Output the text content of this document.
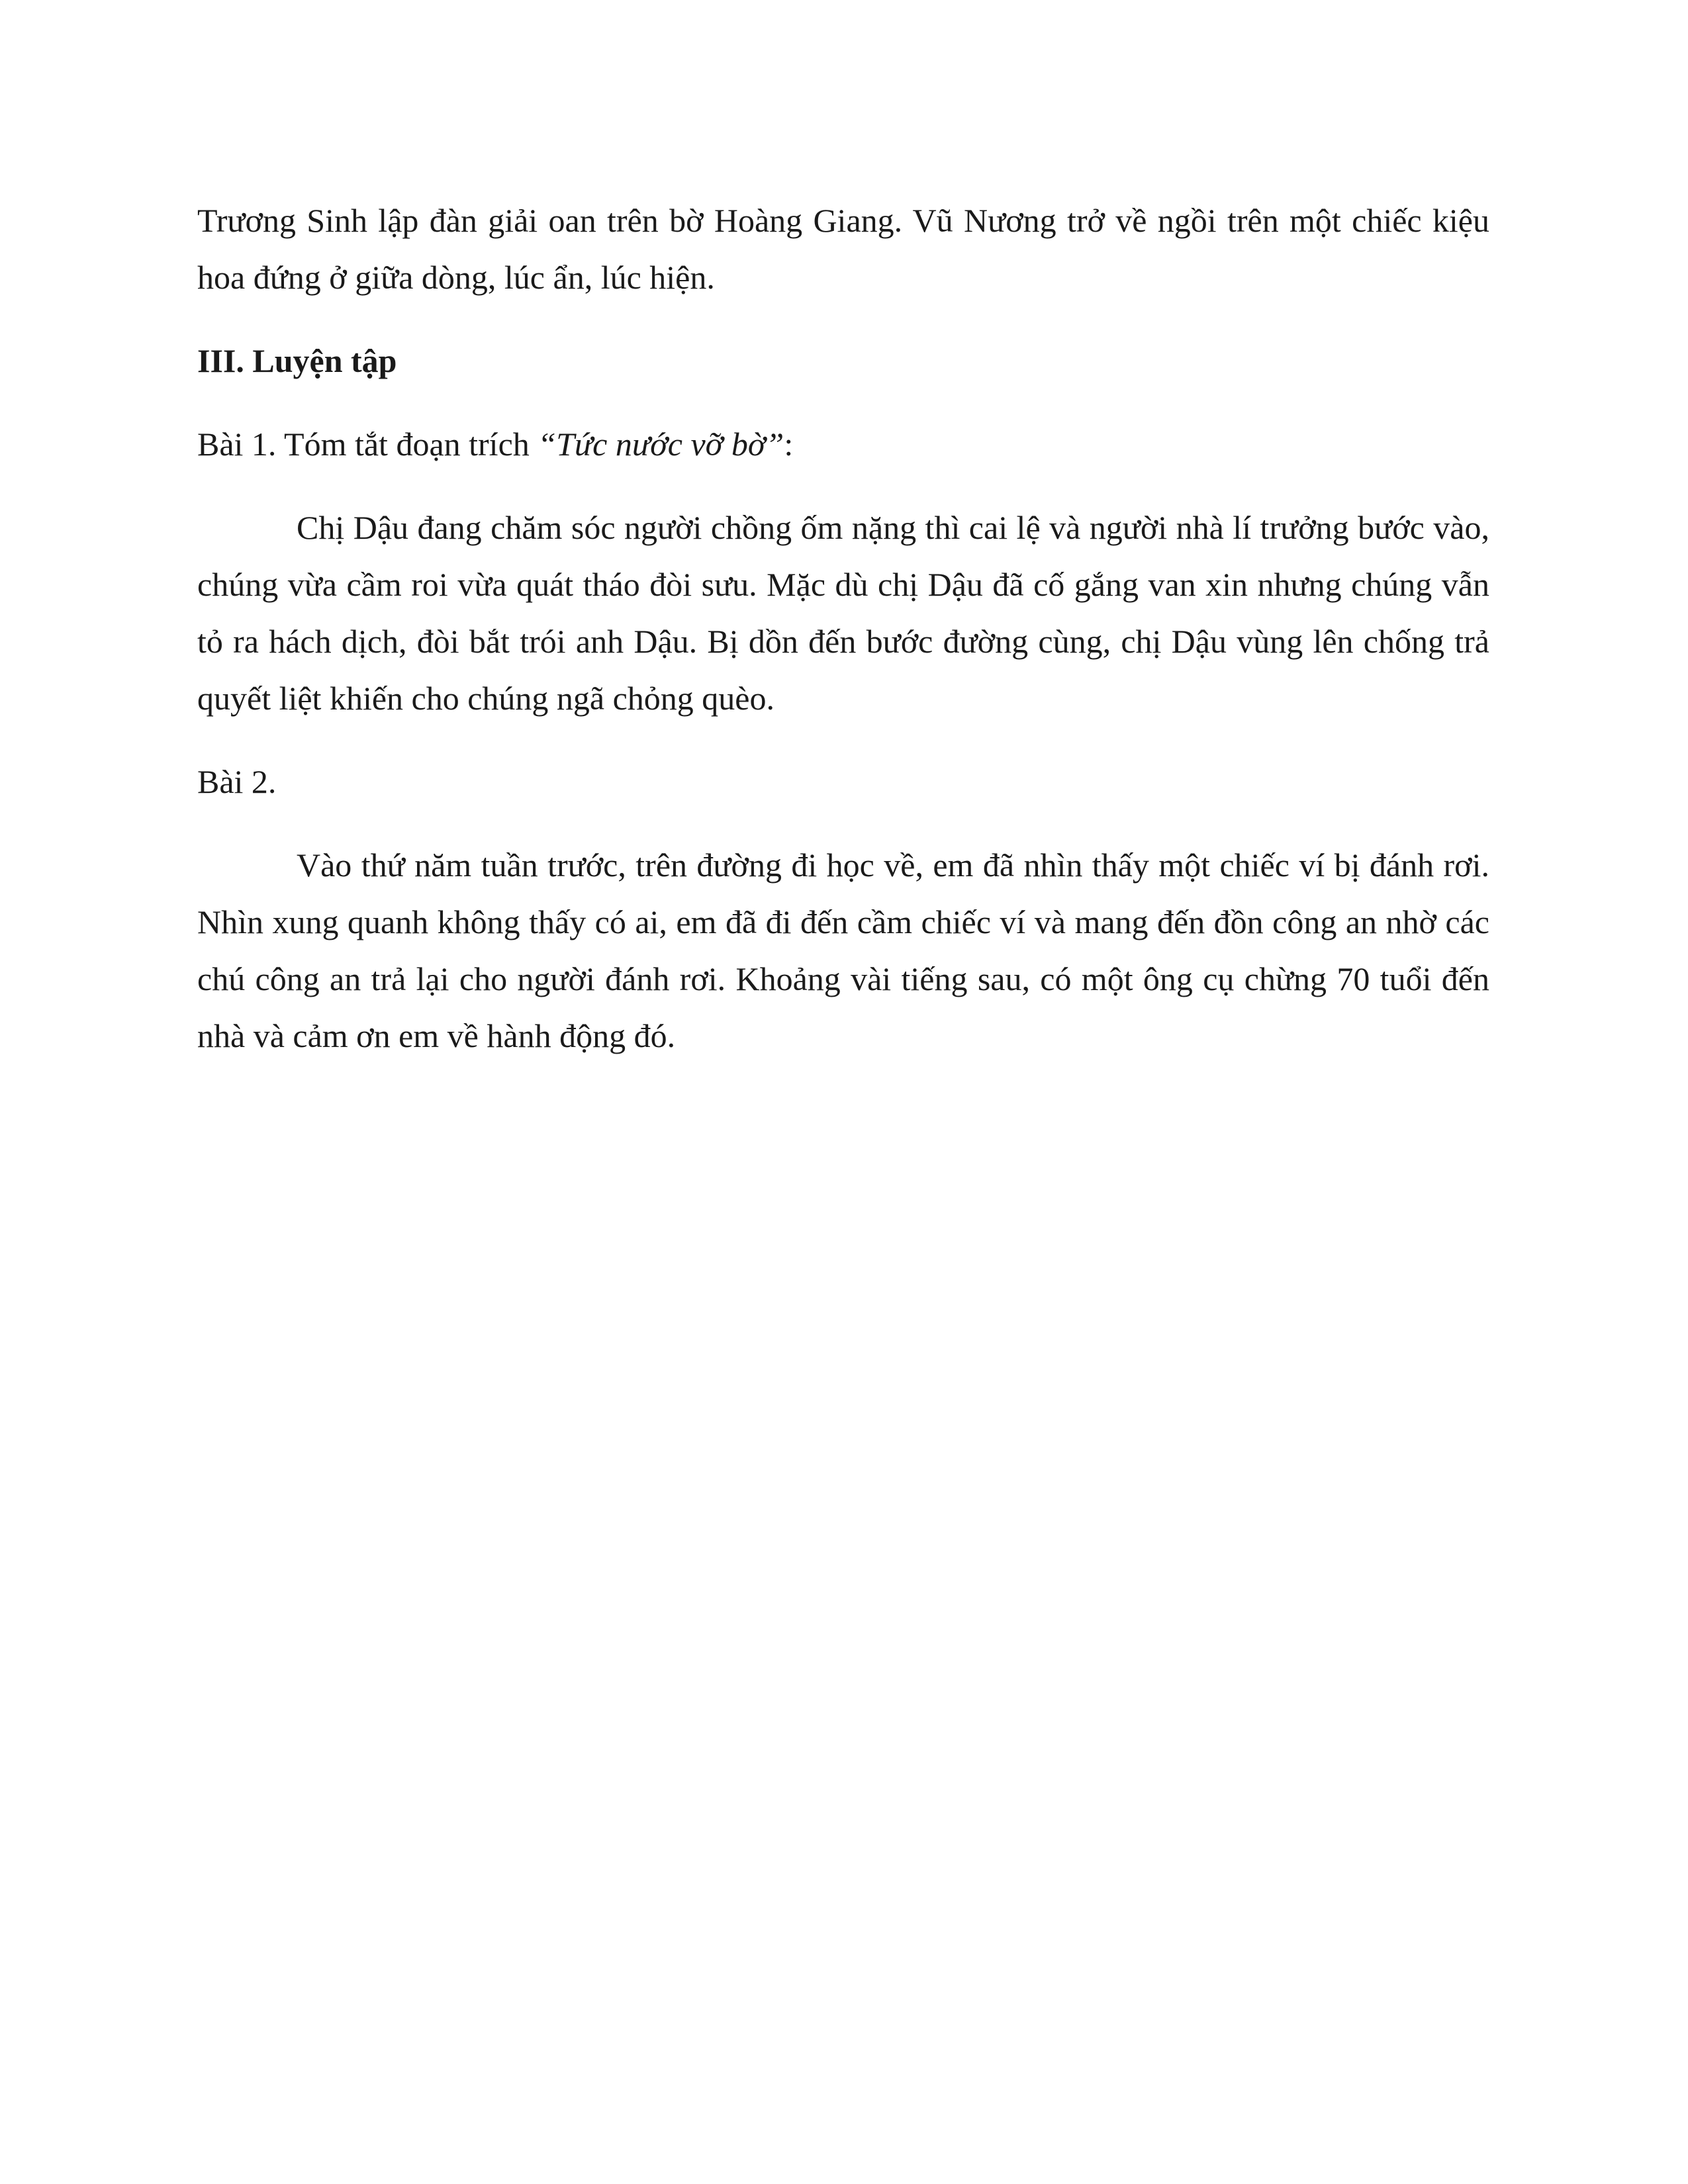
Trương Sinh lập đàn giải oan trên bờ Hoàng Giang. Vũ Nương trở về ngồi trên một chiếc kiệu hoa đứng ở giữa dòng, lúc ẩn, lúc hiện.

III. Luyện tập

Bài 1. Tóm tắt đoạn trích “Tức nước vỡ bờ”:

Chị Dậu đang chăm sóc người chồng ốm nặng thì cai lệ và người nhà lí trưởng bước vào, chúng vừa cầm roi vừa quát tháo đòi sưu. Mặc dù chị Dậu đã cố gắng van xin nhưng chúng vẫn tỏ ra hách dịch, đòi bắt trói anh Dậu. Bị dồn đến bước đường cùng, chị Dậu vùng lên chống trả quyết liệt khiến cho chúng ngã chỏng quèo.

Bài 2.

Vào thứ năm tuần trước, trên đường đi học về, em đã nhìn thấy một chiếc ví bị đánh rơi. Nhìn xung quanh không thấy có ai, em đã đi đến cầm chiếc ví và mang đến đồn công an nhờ các chú công an trả lại cho người đánh rơi. Khoảng vài tiếng sau, có một ông cụ chừng 70 tuổi đến nhà và cảm ơn em về hành động đó.
